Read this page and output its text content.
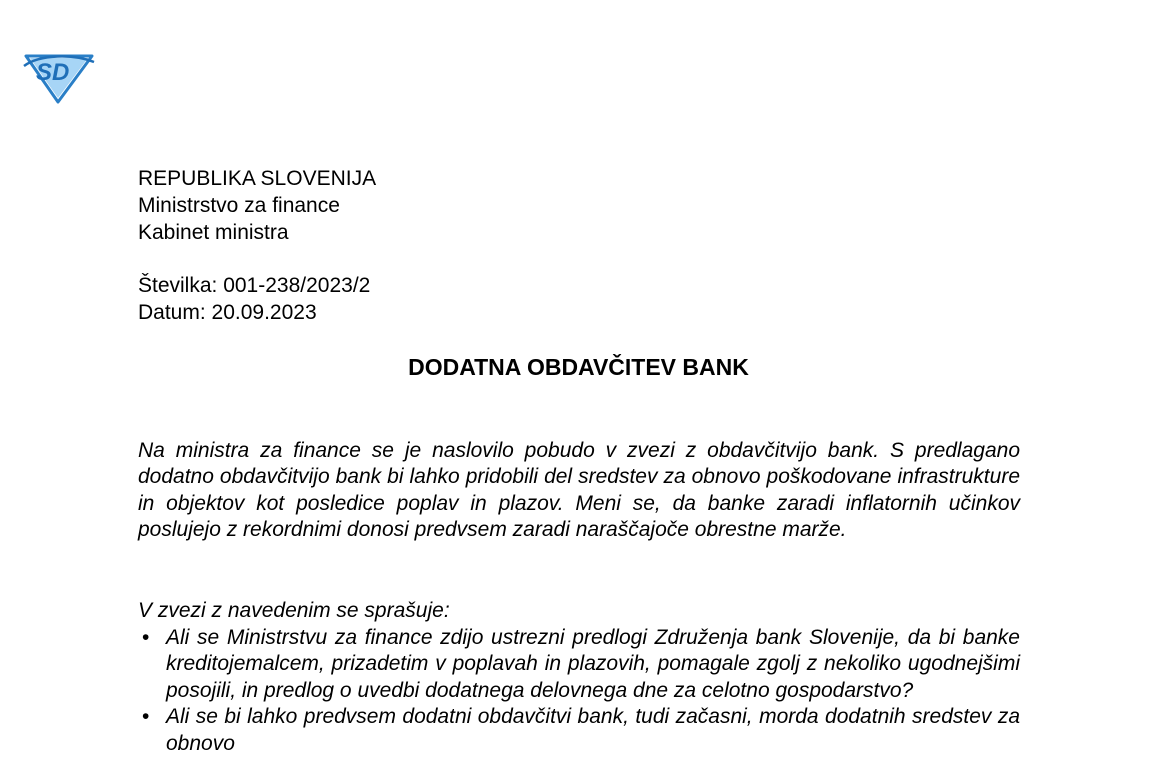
SD
REPUBLIKA SLOVENIJA
Ministrstvo za finance
Kabinet ministra
Številka: 001-238/2023/2
Datum: 20.09.2023
DODATNA OBDAVČITEV BANK
Na ministra za finance se je naslovilo pobudo v zvezi z obdavčitvijo bank. S predlagano dodatno obdavčitvijo bank bi lahko pridobili del sredstev za obnovo poškodovane infrastrukture in objektov kot posledice poplav in plazov. Meni se, da banke zaradi inflatornih učinkov poslujejo z rekordnimi donosi predvsem zaradi naraščajoče obrestne marže.
V zvezi z navedenim se sprašuje:
• Ali se Ministrstvu za finance zdijo ustrezni predlogi Združenja bank Slovenije, da bi banke kreditojemalcem, prizadetim v poplavah in plazovih, pomagale zgolj z nekoliko ugodnejšimi posojili, in predlog o uvedbi dodatnega delovnega dne za celotno gospodarstvo?
• Ali se bi lahko predvsem dodatni obdavčitvi bank, tudi začasni, morda dodatnih sredstev za obnovo
